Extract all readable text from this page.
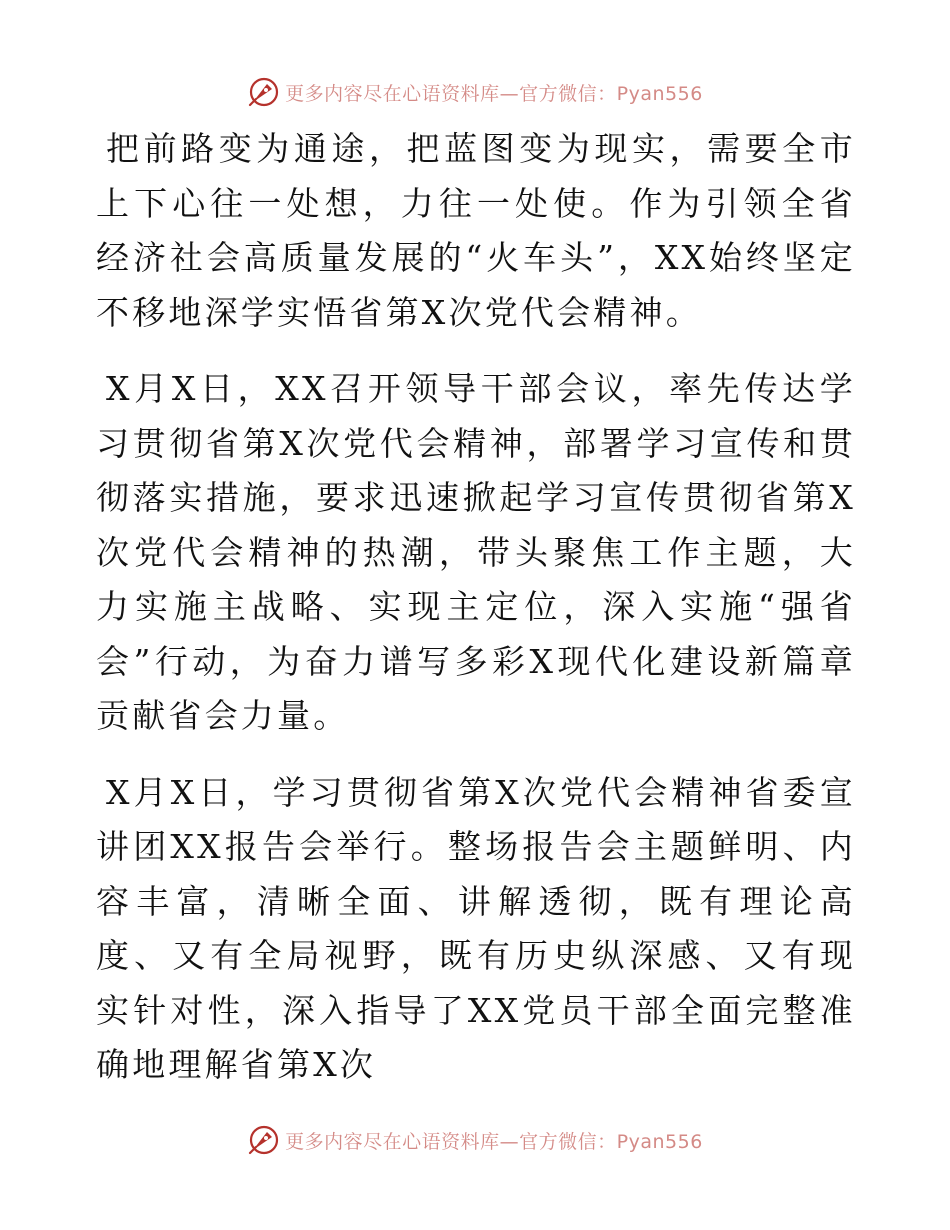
更多内容尽在心语资料库—官方微信：Pyan556

把前路变为通途，把蓝图变为现实，需要全市上下心往一处想，力往一处使。作为引领全省经济社会高质量发展的“火车头”，XX始终坚定不移地深学实悟省第X次党代会精神。

X月X日，XX召开领导干部会议，率先传达学习贯彻省第X次党代会精神，部署学习宣传和贯彻落实措施，要求迅速掀起学习宣传贯彻省第X次党代会精神的热潮，带头聚焦工作主题，大力实施主战略、实现主定位，深入实施“强省会”行动，为奋力谱写多彩X现代化建设新篇章贡献省会力量。

X月X日，学习贯彻省第X次党代会精神省委宣讲团XX报告会举行。整场报告会主题鲜明、内容丰富，清晰全面、讲解透彻，既有理论高度、又有全局视野，既有历史纵深感、又有现实针对性，深入指导了XX党员干部全面完整准确地理解省第X次

更多内容尽在心语资料库—官方微信：Pyan556
